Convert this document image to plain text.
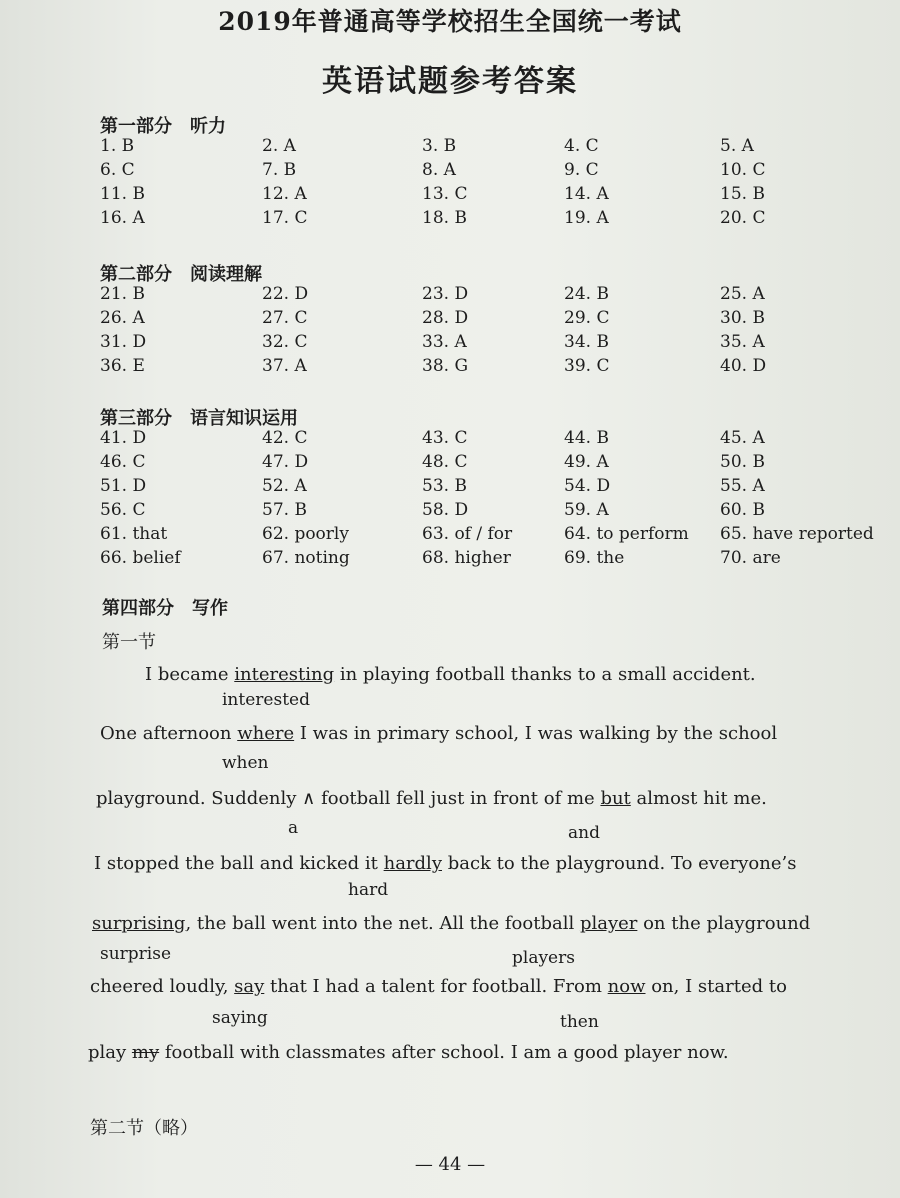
2019年普通高等学校招生全国统一考试
英语试题参考答案
第一部分　听力
1. B	2. A	3. B	4. C	5. A
6. C	7. B	8. A	9. C	10. C
11. B	12. A	13. C	14. A	15. B
16. A	17. C	18. B	19. A	20. C
第二部分　阅读理解
21. B	22. D	23. D	24. B	25. A
26. A	27. C	28. D	29. C	30. B
31. D	32. C	33. A	34. B	35. A
36. E	37. A	38. G	39. C	40. D
第三部分　语言知识运用
41. D	42. C	43. C	44. B	45. A
46. C	47. D	48. C	49. A	50. B
51. D	52. A	53. B	54. D	55. A
56. C	57. B	58. D	59. A	60. B
61. that	62. poorly	63. of / for	64. to perform 65. have reported
66. belief	67. noting	68. higher	69. the	70. are
第四部分　写作
第一节
I became interesting in playing football thanks to a small accident.
interested
One afternoon where I was in primary school, I was walking by the school
when
playground. Suddenly ∧ football fell just in front of me but almost hit me.
a	and
I stopped the ball and kicked it hardly back to the playground. To everyone’s
hard
surprising, the ball went into the net. All the football player on the playground
surprise	players
cheered loudly, say that I had a talent for football. From now on, I started to
saying	then
play my football with classmates after school. I am a good player now.
第二节（略）
— 44 —
